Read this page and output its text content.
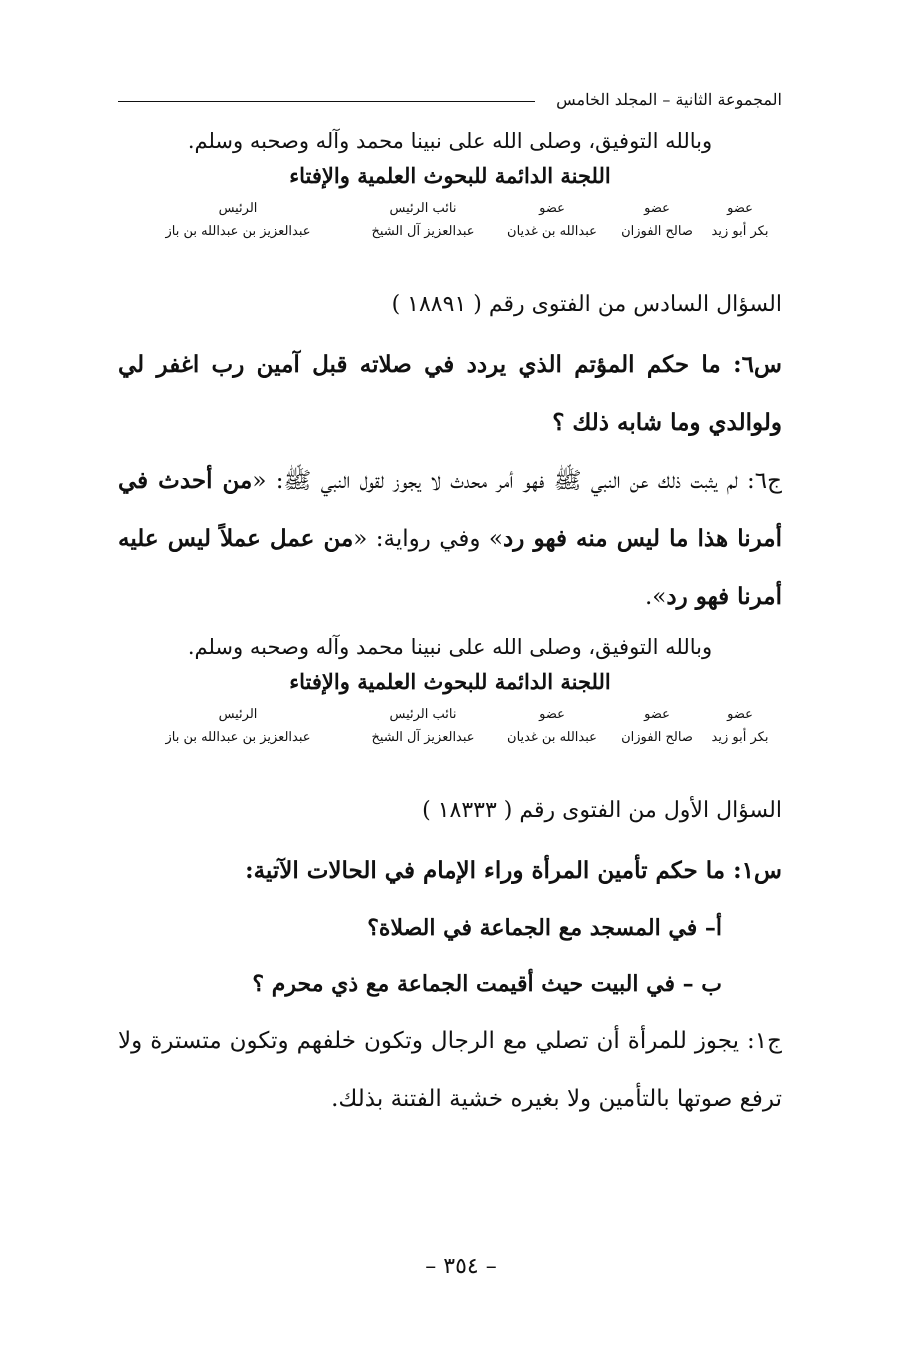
المجموعة الثانية – المجلد الخامس
وبالله التوفيق، وصلى الله على نبينا محمد وآله وصحبه وسلم.
اللجنة الدائمة للبحوث العلمية والإفتاء
عضو
عضو
عضو
نائب الرئيس
الرئيس
بكر أبو زيد
صالح الفوزان
عبدالله بن غديان
عبدالعزيز آل الشيخ
عبدالعزيز بن عبدالله بن باز
السؤال السادس من الفتوى رقم ( ١٨٨٩١ )
س٦: ما حكم المؤتم الذي يردد في صلاته قبل آمين رب اغفر لي ولوالدي وما شابه ذلك ؟
ج٦: لم يثبت ذلك عن النبي ﷺ فهو أمر محدث لا يجوز لقول النبي ﷺ: «من أحدث في أمرنا هذا ما ليس منه فهو رد» وفي رواية: «من عمل عملاً ليس عليه أمرنا فهو رد».
وبالله التوفيق، وصلى الله على نبينا محمد وآله وصحبه وسلم.
اللجنة الدائمة للبحوث العلمية والإفتاء
عضو
عضو
عضو
نائب الرئيس
الرئيس
بكر أبو زيد
صالح الفوزان
عبدالله بن غديان
عبدالعزيز آل الشيخ
عبدالعزيز بن عبدالله بن باز
السؤال الأول من الفتوى رقم ( ١٨٣٣٣ )
س١: ما حكم تأمين المرأة وراء الإمام في الحالات الآتية:
أ– في المسجد مع الجماعة في الصلاة؟
ب – في البيت حيث أقيمت الجماعة مع ذي محرم ؟
ج١: يجوز للمرأة أن تصلي مع الرجال وتكون خلفهم وتكون متسترة ولا ترفع صوتها بالتأمين ولا بغيره خشية الفتنة بذلك.
– ٣٥٤ –
